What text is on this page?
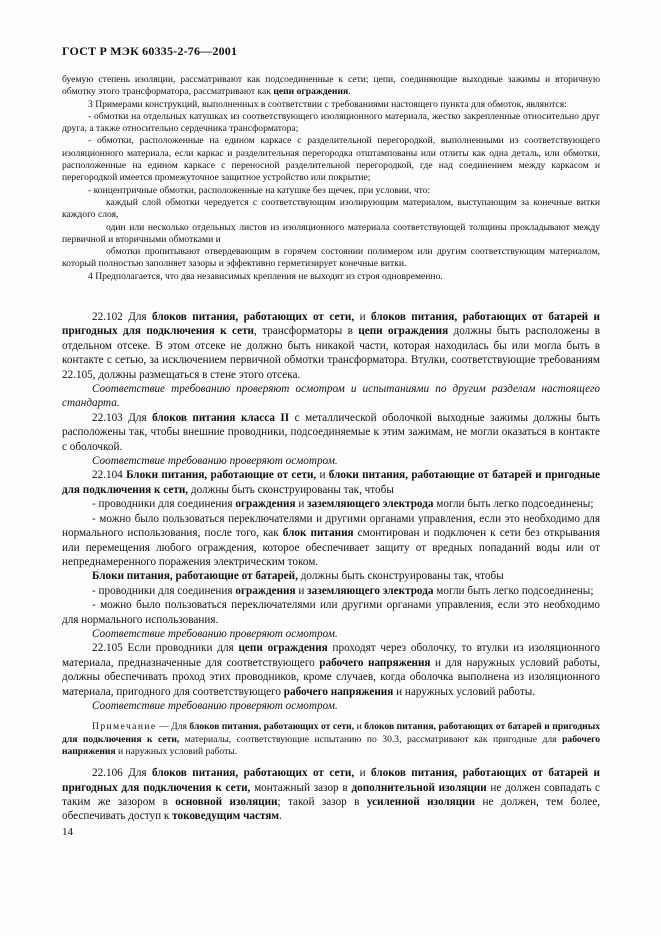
ГОСТ Р МЭК 60335-2-76—2001

буемую степень изоляции, рассматривают как подсоединенные к сети; цепи, соединяющие выходные зажимы и вторичную обмотку этого трансформатора, рассматривают как цепи ограждения.

3 Примерами конструкций, выполненных в соответствии с требованиями настоящего пункта для обмоток, являются:

- обмотки на отдельных катушках из соответствующего изоляционного материала, жестко закрепленные относительно друг друга, а также относительно сердечника трансформатора;

- обмотки, расположенные на едином каркасе с разделительной перегородкой, выполненными из соответствующего изоляционного материала, если каркас и разделительная перегородка отштампованы или отлиты как одна деталь, или обмотки, расположенные на едином каркасе с переносной разделительной перегородкой, где над соединением между каркасом и перегородкой имеется промежуточное защитное устройство или покрытие;

- концентричные обмотки, расположенные на катушке без щечек, при условии, что:

каждый слой обмотки чередуется с соответствующим изолирующим материалом, выступающим за конечные витки каждого слоя,

один или несколько отдельных листов из изоляционного материала соответствующей толщины прокладывают между первичной и вторичными обмотками и

обмотки пропитывают отвердевающим в горячем состоянии полимером или другим соответствующим материалом, который полностью заполняет зазоры и эффективно герметизирует конечные витки.

4 Предполагается, что два независимых крепления не выходят из строя одновременно.

22.102 Для блоков питания, работающих от сети, и блоков питания, работающих от батарей и пригодных для подключения к сети, трансформаторы в цепи ограждения должны быть расположены в отдельном отсеке. В этом отсеке не должно быть никакой части, которая находилась бы или могла быть в контакте с сетью, за исключением первичной обмотки трансформатора. Втулки, соответствующие требованиям 22.105, должны размещаться в стене этого отсека.

Соответствие требованию проверяют осмотром и испытаниями по другим разделам настоящего стандарта.

22.103 Для блоков питания класса II с металлической оболочкой выходные зажимы должны быть расположены так, чтобы внешние проводники, подсоединяемые к этим зажимам, не могли оказаться в контакте с оболочкой.

Соответствие требованию проверяют осмотром.

22.104 Блоки питания, работающие от сети, и блоки питания, работающие от батарей и пригодные для подключения к сети, должны быть сконструированы так, чтобы

- проводники для соединения ограждения и заземляющего электрода могли быть легко подсоединены;

- можно было пользоваться переключателями и другими органами управления, если это необходимо для нормального использования, после того, как блок питания смонтирован и подключен к сети без открывания или перемещения любого ограждения, которое обеспечивает защиту от вредных попаданий воды или от непреднамеренного поражения электрическим током.

Блоки питания, работающие от батарей, должны быть сконструированы так, чтобы

- проводники для соединения ограждения и заземляющего электрода могли быть легко подсоединены;

- можно было пользоваться переключателями или другими органами управления, если это необходимо для нормального использования.

Соответствие требованию проверяют осмотром.

22.105 Если проводники для цепи ограждения проходят через оболочку, то втулки из изоляционного материала, предназначенные для соответствующего рабочего напряжения и для наружных условий работы, должны обеспечивать проход этих проводников, кроме случаев, когда оболочка выполнена из изоляционного материала, пригодного для соответствующего рабочего напряжения и наружных условий работы.

Соответствие требованию проверяют осмотром.

Примечание — Для блоков питания, работающих от сети, и блоков питания, работающих от батарей и пригодных для подключения к сети, материалы, соответствующие испытанию по 30.3, рассматривают как пригодные для рабочего напряжения и наружных условий работы.

22.106 Для блоков питания, работающих от сети, и блоков питания, работающих от батарей и пригодных для подключения к сети, монтажный зазор в дополнительной изоляции не должен совпадать с таким же зазором в основной изоляции; такой зазор в усиленной изоляции не должен, тем более, обеспечивать доступ к токоведущим частям.

14
